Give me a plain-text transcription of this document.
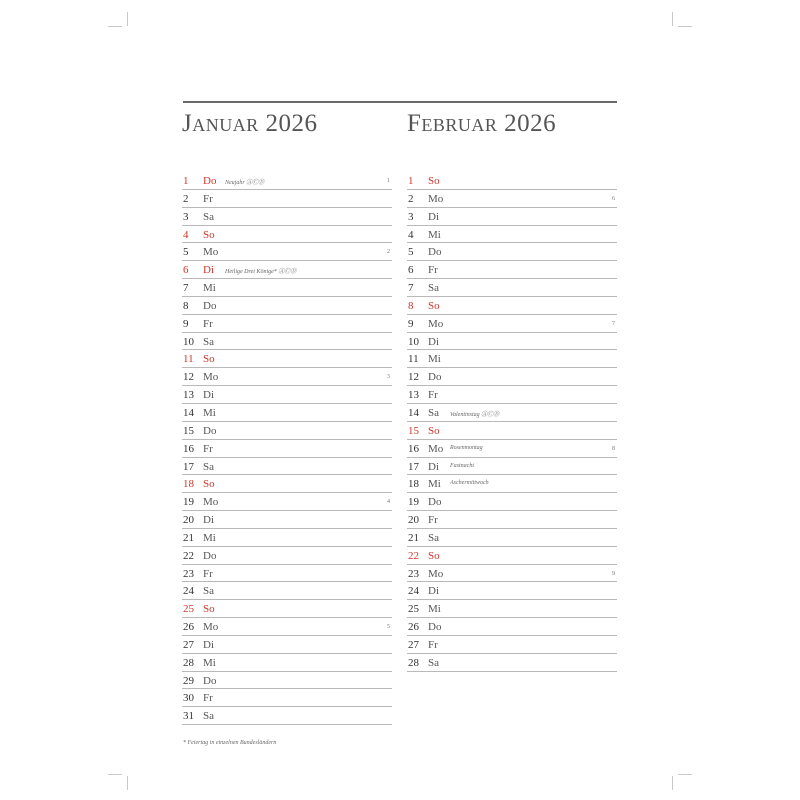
Januar 2026	Februar 2026
1 Do Neujahr ⒶⒸⒹ	1
2 Fr
3 Sa
4 So
5 Mo	2
6 Di Heilige Drei Könige* ⒶⒸⒹ
7 Mi
8 Do
9 Fr
10 Sa
11 So
12 Mo	3
13 Di
14 Mi
15 Do
16 Fr
17 Sa
18 So
19 Mo	4
20 Di
21 Mi
22 Do
23 Fr
24 Sa
25 So
26 Mo	5
27 Di
28 Mi
29 Do
30 Fr
31 Sa
1 So
2 Mo	6
3 Di
4 Mi
5 Do
6 Fr
7 Sa
8 So
9 Mo	7
10 Di
11 Mi
12 Do
13 Fr
14 Sa Valentinstag ⒶⒸⒹ
15 So
16 Mo Rosenmontag	8
17 Di Fastnacht
18 Mi Aschermittwoch
19 Do
20 Fr
21 Sa
22 So
23 Mo	9
24 Di
25 Mi
26 Do
27 Fr
28 Sa
* Feiertag in einzelnen Bundesländern
